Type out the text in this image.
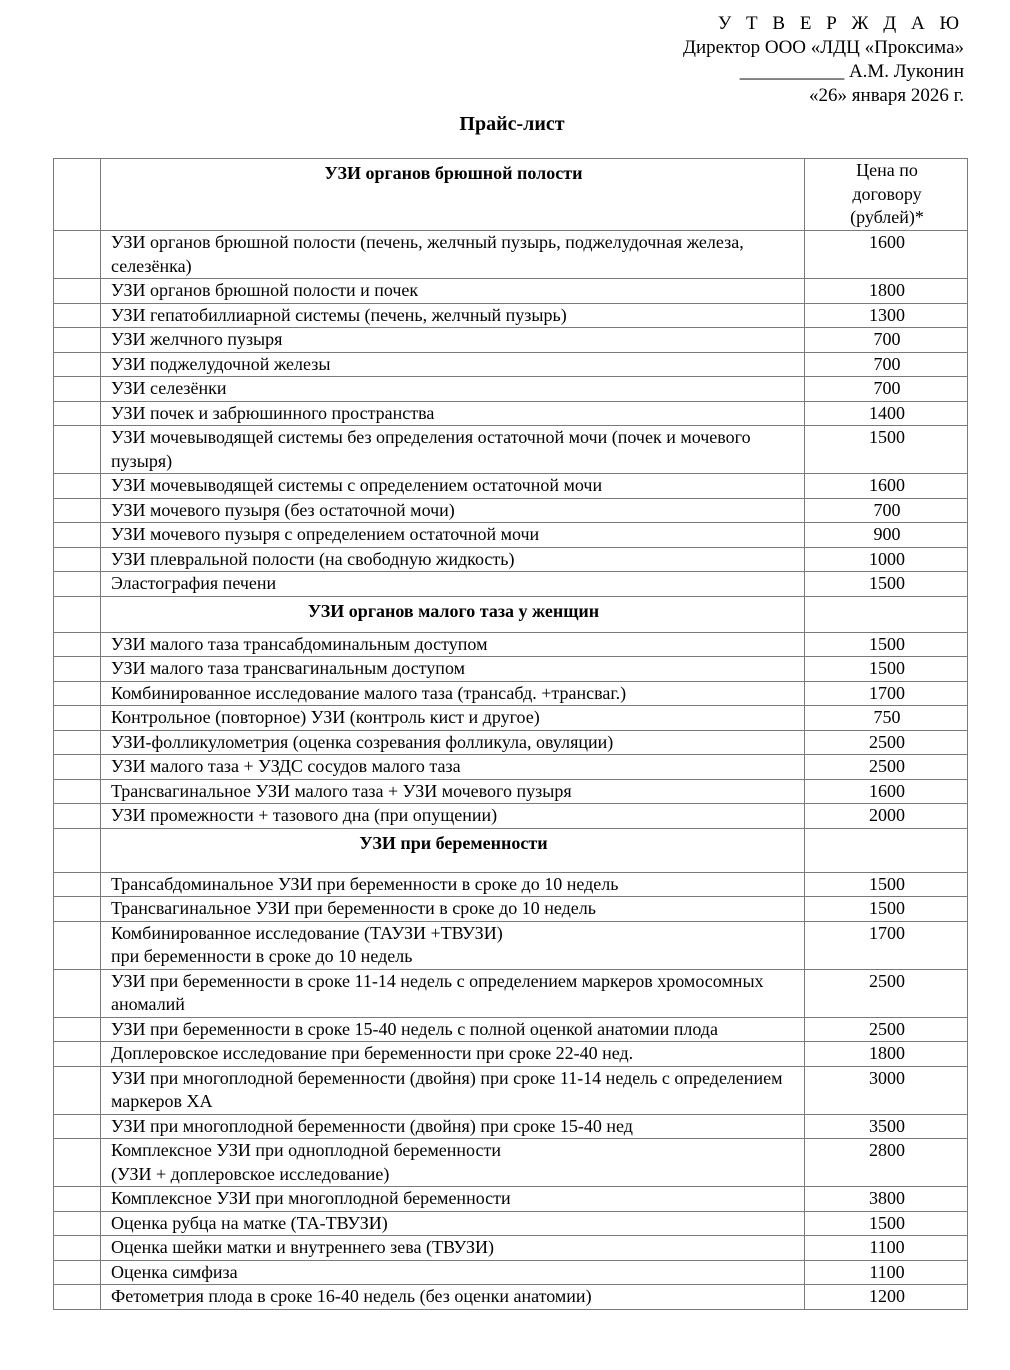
У Т В Е Р Ж Д А Ю
Директор ООО «ЛДЦ «Проксима»
___________ А.М. Луконин
«26» января 2026 г.
Прайс-лист
	УЗИ органов брюшной полости	Цена по
договору
(рублей)*
	УЗИ органов брюшной полости (печень, желчный пузырь, поджелудочная железа, селезёнка)	1600
	УЗИ органов брюшной полости и почек	1800
	УЗИ гепатобиллиарной системы (печень, желчный пузырь)	1300
	УЗИ желчного пузыря	700
	УЗИ поджелудочной железы	700
	УЗИ селезёнки	700
	УЗИ почек и забрюшинного пространства	1400
	УЗИ мочевыводящей системы без определения остаточной мочи (почек и мочевого пузыря)	1500
	УЗИ мочевыводящей системы с определением остаточной мочи	1600
	УЗИ мочевого пузыря (без остаточной мочи)	700
	УЗИ мочевого пузыря с определением остаточной мочи	900
	УЗИ плевральной полости (на свободную жидкость)	1000
	Эластография печени	1500
	УЗИ органов малого таза у женщин	
	УЗИ малого таза трансабдоминальным доступом	1500
	УЗИ малого таза трансвагинальным доступом	1500
	Комбинированное исследование малого таза (трансабд. +трансваг.)	1700
	Контрольное (повторное) УЗИ (контроль кист и другое)	750
	УЗИ-фолликулометрия (оценка созревания фолликула, овуляции)	2500
	УЗИ малого таза + УЗДС сосудов малого таза	2500
	Трансвагинальное УЗИ малого таза + УЗИ мочевого пузыря	1600
	УЗИ промежности + тазового дна (при опущении)	2000
	УЗИ при беременности	
	Трансабдоминальное УЗИ при беременности в сроке до 10 недель	1500
	Трансвагинальное УЗИ при беременности в сроке до 10 недель	1500
	Комбинированное исследование (ТАУЗИ +ТВУЗИ)
при беременности в сроке до 10 недель	1700
	УЗИ при беременности в сроке 11-14 недель с определением маркеров хромосомных аномалий	2500
	УЗИ при беременности в сроке 15-40 недель с полной оценкой анатомии плода	2500
	Доплеровское исследование при беременности при сроке 22-40 нед.	1800
	УЗИ при многоплодной беременности (двойня) при сроке 11-14 недель с определением маркеров ХА	3000
	УЗИ при многоплодной беременности (двойня) при сроке 15-40 нед	3500
	Комплексное УЗИ при одноплодной беременности
(УЗИ + доплеровское исследование)	2800
	Комплексное УЗИ при многоплодной беременности	3800
	Оценка рубца на матке (ТА-ТВУЗИ)	1500
	Оценка шейки матки и внутреннего зева (ТВУЗИ)	1100
	Оценка симфиза	1100
	Фетометрия плода в сроке 16-40 недель (без оценки анатомии)	1200
